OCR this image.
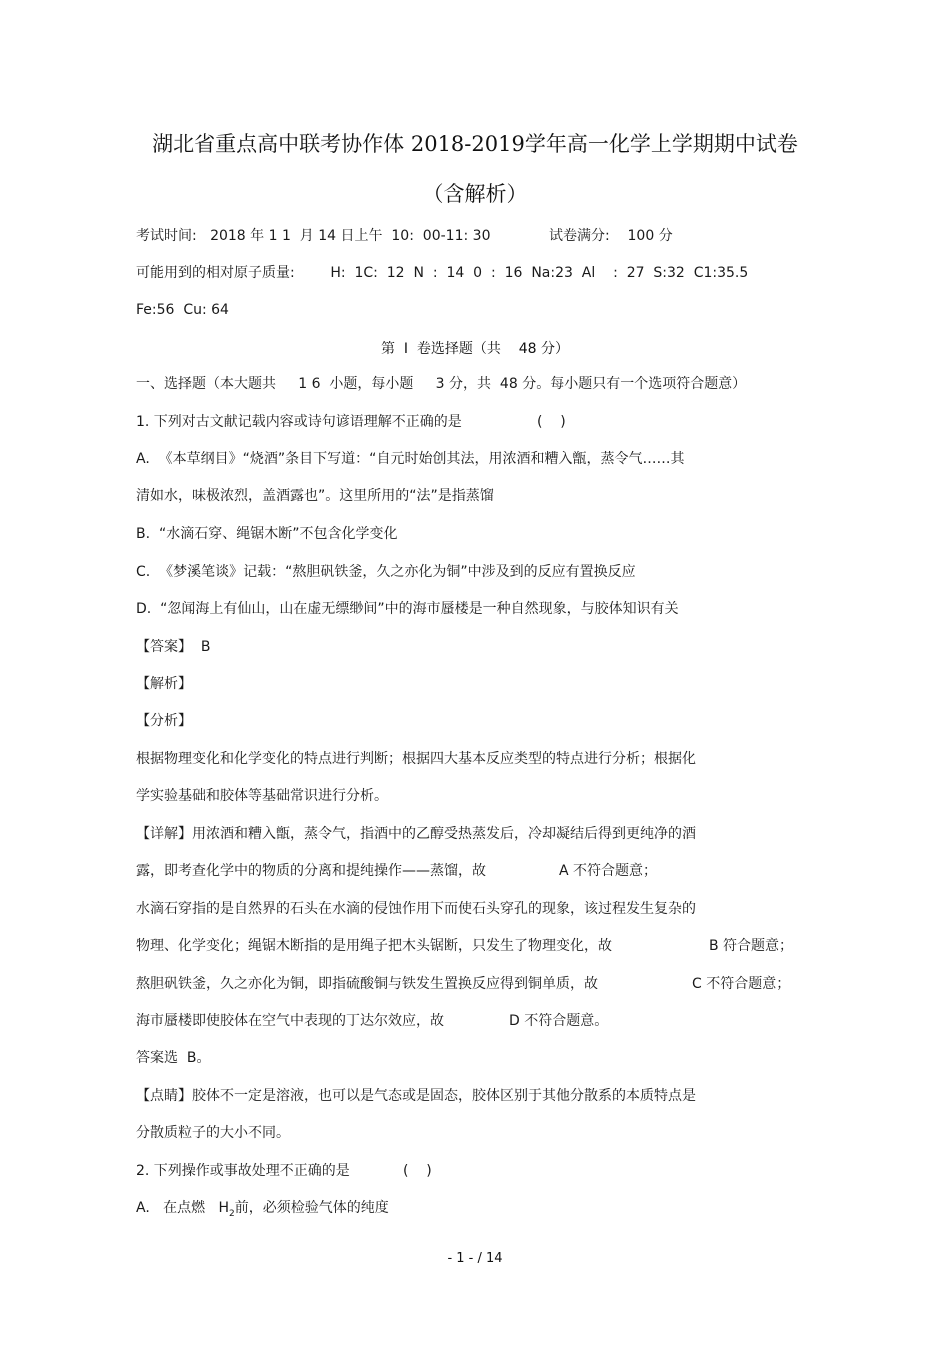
湖北省重点高中联考协作体 2018-2019学年高一化学上学期期中试卷
（含解析）
考试时间:   2018 年 1 1  月 14 日上午  10:  00-11: 30	试卷满分:    100 分
可能用到的相对原子质量:        H:  1C:  12  N  :  14  0  :  16  Na:23  Al    :  27  S:32  C1:35.5
Fe:56  Cu: 64
第  I  卷选择题（共    48 分）
一、选择题（本大题共     1 6  小题，每小题     3 分，共  48 分。每小题只有一个选项符合题意）
1. 下列对古文献记载内容或诗句谚语理解不正确的是	(    )
A.  《本草纲目》“烧酒”条目下写道：“自元时始创其法，用浓酒和糟入甑，蒸令气……其
清如水，味极浓烈，盖酒露也”。这里所用的“法”是指蒸馏
B.  “水滴石穿、绳锯木断”不包含化学变化
C.  《梦溪笔谈》记载：“熬胆矾铁釜，久之亦化为铜”中涉及到的反应有置换反应
D.  “忽闻海上有仙山，山在虚无缥缈间”中的海市蜃楼是一种自然现象，与胶体知识有关
【答案】  B
【解析】
【分析】
根据物理变化和化学变化的特点进行判断；根据四大基本反应类型的特点进行分析；根据化
学实验基础和胶体等基础常识进行分析。
【详解】用浓酒和糟入甑，蒸令气，指酒中的乙醇受热蒸发后，冷却凝结后得到更纯净的酒
露，即考查化学中的物质的分离和提纯操作——蒸馏，故	A 不符合题意；
水滴石穿指的是自然界的石头在水滴的侵蚀作用下而使石头穿孔的现象，该过程发生复杂的
物理、化学变化；绳锯木断指的是用绳子把木头锯断，只发生了物理变化，故	B 符合题意；
熬胆矾铁釜，久之亦化为铜，即指硫酸铜与铁发生置换反应得到铜单质，故	C 不符合题意；
海市蜃楼即使胶体在空气中表现的丁达尔效应，故	D 不符合题意。
答案选  B。
【点睛】胶体不一定是溶液，也可以是气态或是固态，胶体区别于其他分散系的本质特点是
分散质粒子的大小不同。
2. 下列操作或事故处理不正确的是	(    )
A.   在点燃   $H_2$前，必须检验气体的纯度
- 1 - / 14
